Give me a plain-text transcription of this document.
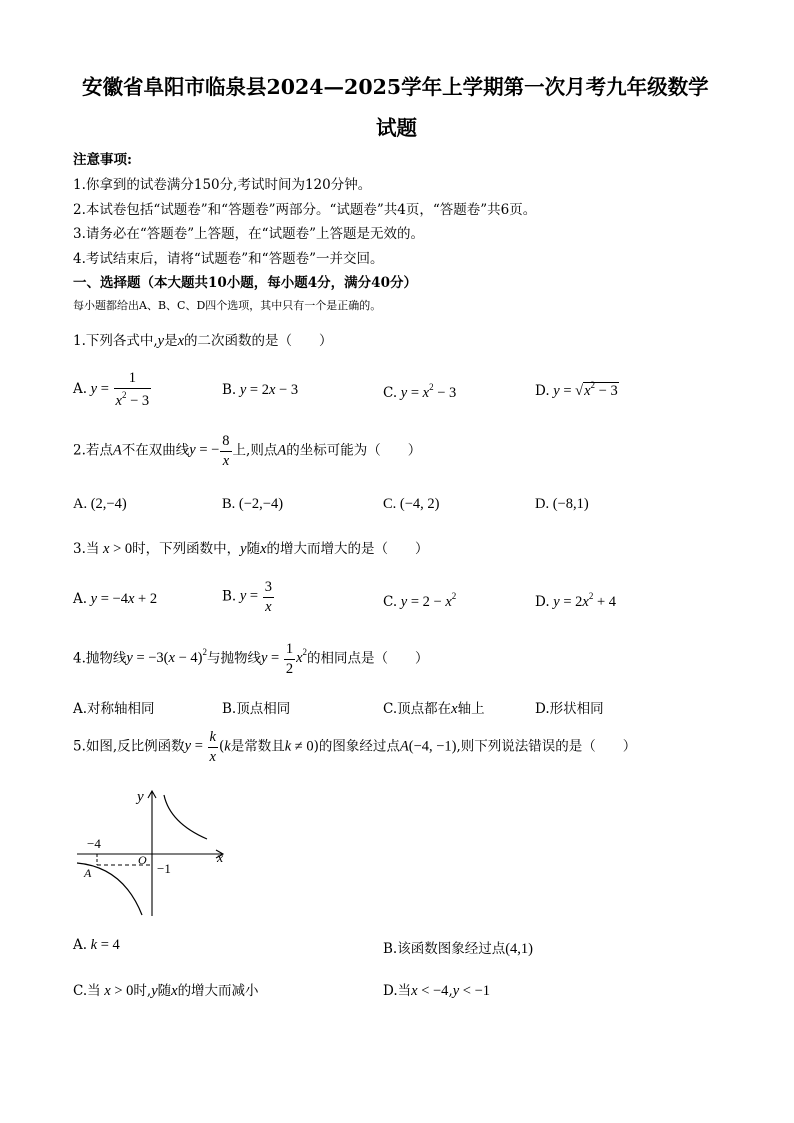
安徽省阜阳市临泉县2024—2025学年上学期第一次月考九年级数学
试题
注意事项:
1.你拿到的试卷满分150分,考试时间为120分钟。
2.本试卷包括“试题卷”和“答题卷”两部分。“试题卷”共4页，“答题卷”共6页。
3.请务必在“答题卷”上答题，在“试题卷”上答题是无效的。
4.考试结束后，请将“试题卷”和“答题卷”一并交回。
一、选择题（本大题共10小题，每小题4分，满分40分）
每小题都给出A、B、C、D四个选项，其中只有一个是正确的。
1.下列各式中,y是x的二次函数的是（　　）
A. $y = \frac{1}{x^2 - 3}$	B. y = 2x − 3	C. $y = x^2 - 3$	D. $y = √x^2 - 3$
2.若点A不在双曲线y = − $\frac{8}{x}$ 上,则点A的坐标可能为（　　）
A. (2,−4)	B. (−2,−4)	C. (−4, 2)	D. (−8,1)
3.当 x > 0时，下列函数中，y随x的增大而增大的是（　　）
A. y = −4x + 2	B. $y = \frac{3}{x}$	C. $y = 2 - x^2$	D. $y = 2x^2 + 4$
4.抛物线$y = -3(x - 4)^2$与抛物线$y = \frac{1}{2} x^2$的相同点是（　　）
A.对称轴相同	B.顶点相同	C.顶点都在x轴上	D.形状相同
5.如图,反比例函数$y = \frac{k}{x} (k$是常数且k ≠ 0)的图象经过点A(−4, −1),则下列说法错误的是（　　）
y
x
O
−4
−1
A
A. k = 4	B.该函数图象经过点(4,1)
C.当 x > 0时,y随x的增大而减小	D.当x < −4,y < −1
